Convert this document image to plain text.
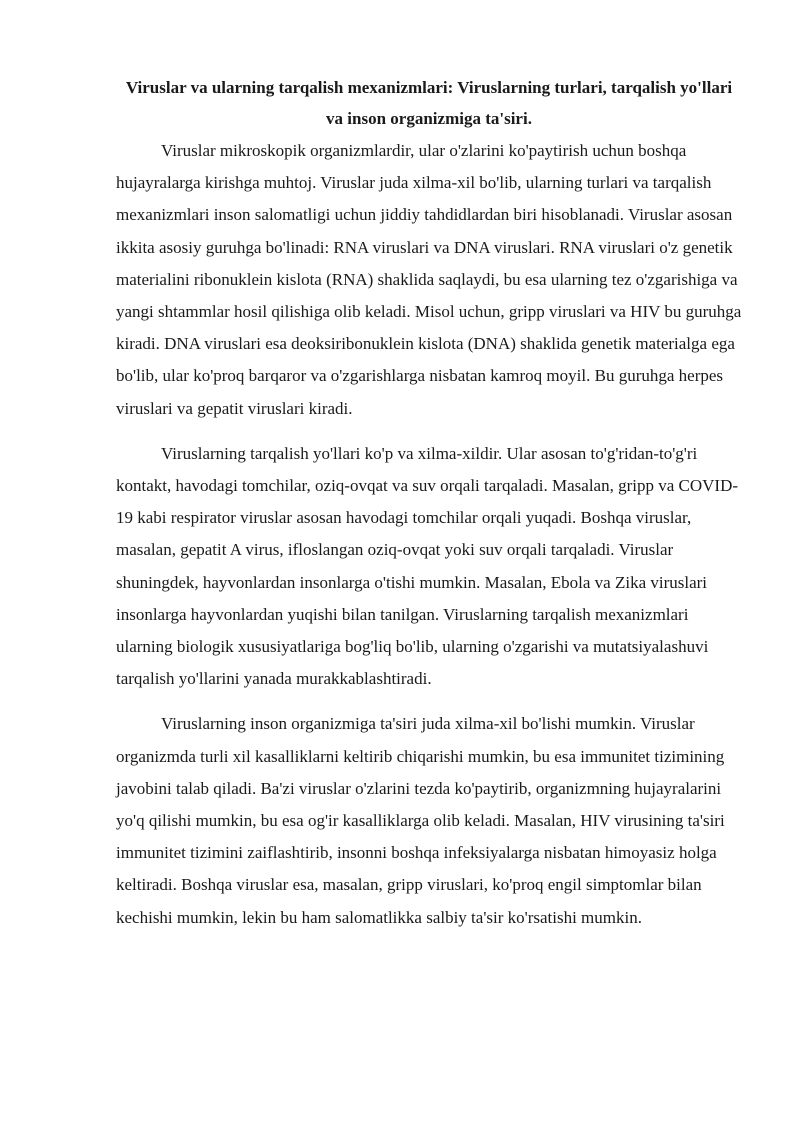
Viruslar va ularning tarqalish mexanizmlari: Viruslarning turlari, tarqalish yo'llari va inson organizmiga ta'siri.

Viruslar mikroskopik organizmlardir, ular o'zlarini ko'paytirish uchun boshqa hujayralarga kirishga muhtoj. Viruslar juda xilma-xil bo'lib, ularning turlari va tarqalish mexanizmlari inson salomatligi uchun jiddiy tahdidlardan biri hisoblanadi. Viruslar asosan ikkita asosiy guruhga bo'linadi: RNA viruslari va DNA viruslari. RNA viruslari o'z genetik materialini ribonuklein kislota (RNA) shaklida saqlaydi, bu esa ularning tez o'zgarishiga va yangi shtammlar hosil qilishiga olib keladi. Misol uchun, gripp viruslari va HIV bu guruhga kiradi. DNA viruslari esa deoksiribonuklein kislota (DNA) shaklida genetik materialga ega bo'lib, ular ko'proq barqaror va o'zgarishlarga nisbatan kamroq moyil. Bu guruhga herpes viruslari va gepatit viruslari kiradi.

Viruslarning tarqalish yo'llari ko'p va xilma-xildir. Ular asosan to'g'ridan-to'g'ri kontakt, havodagi tomchilar, oziq-ovqat va suv orqali tarqaladi. Masalan, gripp va COVID-19 kabi respirator viruslar asosan havodagi tomchilar orqali yuqadi. Boshqa viruslar, masalan, gepatit A virus, ifloslangan oziq-ovqat yoki suv orqali tarqaladi. Viruslar shuningdek, hayvonlardan insonlarga o'tishi mumkin. Masalan, Ebola va Zika viruslari insonlarga hayvonlardan yuqishi bilan tanilgan. Viruslarning tarqalish mexanizmlari ularning biologik xususiyatlariga bog'liq bo'lib, ularning o'zgarishi va mutatsiyalashuvi tarqalish yo'llarini yanada murakkablashtiradi.

Viruslarning inson organizmiga ta'siri juda xilma-xil bo'lishi mumkin. Viruslar organizmda turli xil kasalliklarni keltirib chiqarishi mumkin, bu esa immunitet tizimining javobini talab qiladi. Ba'zi viruslar o'zlarini tezda ko'paytirib, organizmning hujayralarini yo'q qilishi mumkin, bu esa og'ir kasalliklarga olib keladi. Masalan, HIV virusining ta'siri immunitet tizimini zaiflashtirib, insonni boshqa infeksiyalarga nisbatan himoyasiz holga keltiradi. Boshqa viruslar esa, masalan, gripp viruslari, ko'proq engil simptomlar bilan kechishi mumkin, lekin bu ham salomatlikka salbiy ta'sir ko'rsatishi mumkin.
